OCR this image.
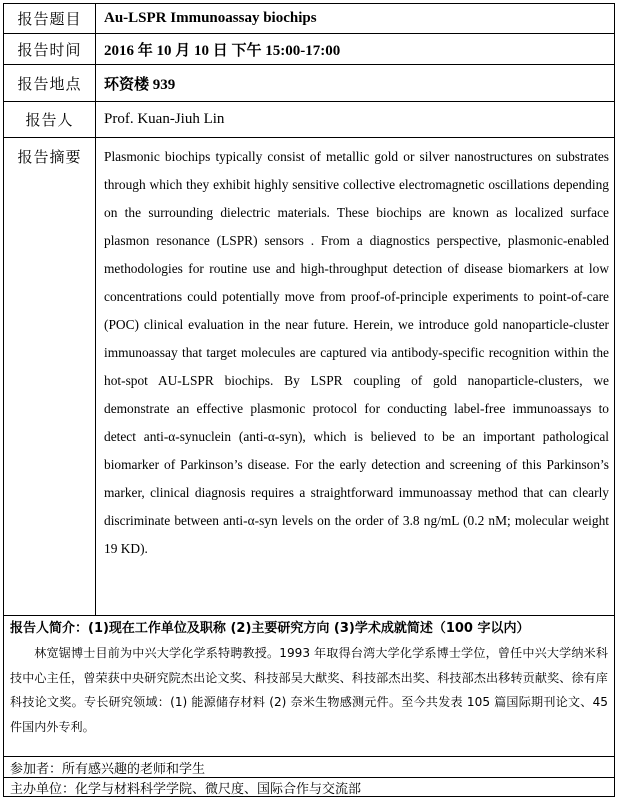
报告题目	Au-LSPR Immunoassay biochips
报告时间	2016 年 10 月 10 日 下午 15:00-17:00
报告地点	环资楼 939
报告人	Prof. Kuan-Jiuh Lin
报告摘要	Plasmonic biochips typically consist of metallic gold or silver nanostructures on substrates through which they exhibit highly sensitive collective electromagnetic oscillations depending on the surrounding dielectric materials. These biochips are known as localized surface plasmon resonance (LSPR) sensors . From a diagnostics perspective, plasmonic-enabled methodologies for routine use and high-throughput detection of disease biomarkers at low concentrations could potentially move from proof-of-principle experiments to point-of-care (POC) clinical evaluation in the near future. Herein, we introduce gold nanoparticle-cluster immunoassay that target molecules are captured via antibody-specific recognition within the hot-spot AU-LSPR biochips. By LSPR coupling of gold nanoparticle-clusters, we demonstrate an effective plasmonic protocol for conducting label-free immunoassays to detect anti-α-synuclein (anti-α-syn), which is believed to be an important pathological biomarker of Parkinson’s disease. For the early detection and screening of this Parkinson’s marker, clinical diagnosis requires a straightforward immunoassay method that can clearly discriminate between anti-α-syn levels on the order of 3.8 ng/mL (0.2 nM; molecular weight 19 KD).
报告人简介：(1)现在工作单位及职称 (2)主要研究方向 (3)学术成就简述（100 字以内）
林宽锯博士目前为中兴大学化学系特聘教授。1993 年取得台湾大学化学系博士学位，曾任中兴大学纳米科技中心主任，曾荣获中央研究院杰出论文奖、科技部吴大猷奖、科技部杰出奖、科技部杰出移转贡献奖、徐有庠科技论文奖。专长研究领域：(1) 能源储存材料 (2) 奈米生物感测元件。至今共发表 105 篇国际期刊论文、45 件国内外专利。
参加者：所有感兴趣的老师和学生
主办单位：化学与材料科学学院、微尺度、国际合作与交流部
